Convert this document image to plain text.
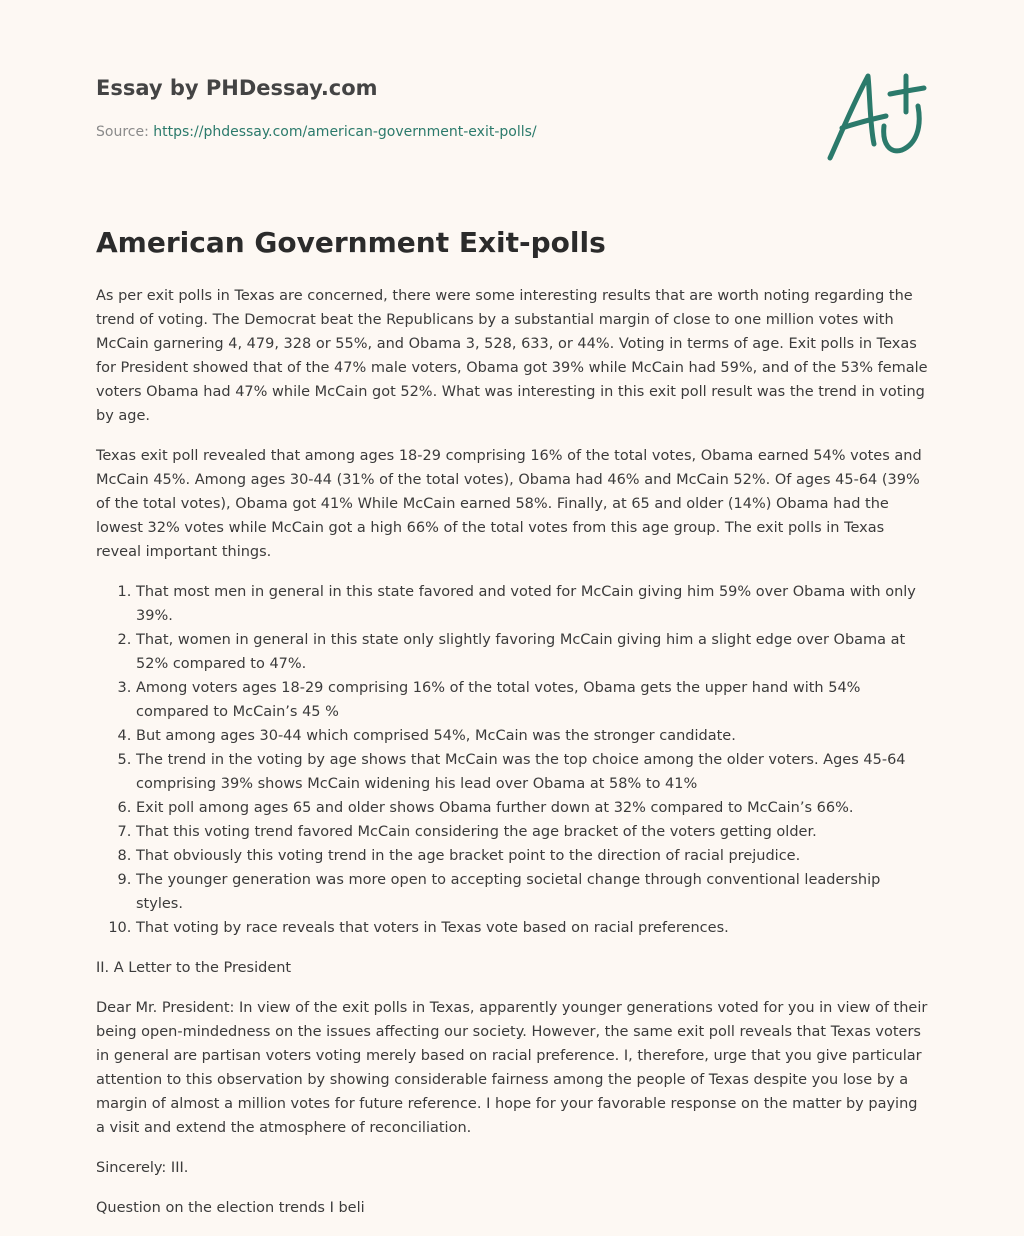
Essay by PHDessay.com

Source: https://phdessay.com/american-government-exit-polls/

American Government Exit-polls

As per exit polls in Texas are concerned, there were some interesting results that are worth noting regarding the trend of voting. The Democrat beat the Republicans by a substantial margin of close to one million votes with McCain garnering 4, 479, 328 or 55%, and Obama 3, 528, 633, or 44%. Voting in terms of age. Exit polls in Texas for President showed that of the 47% male voters, Obama got 39% while McCain had 59%, and of the 53% female voters Obama had 47% while McCain got 52%. What was interesting in this exit poll result was the trend in voting by age.

Texas exit poll revealed that among ages 18-29 comprising 16% of the total votes, Obama earned 54% votes and McCain 45%. Among ages 30-44 (31% of the total votes), Obama had 46% and McCain 52%. Of ages 45-64 (39% of the total votes), Obama got 41% While McCain earned 58%. Finally, at 65 and older (14%) Obama had the lowest 32% votes while McCain got a high 66% of the total votes from this age group. The exit polls in Texas reveal important things.

1. That most men in general in this state favored and voted for McCain giving him 59% over Obama with only 39%.
2. That, women in general in this state only slightly favoring McCain giving him a slight edge over Obama at 52% compared to 47%.
3. Among voters ages 18-29 comprising 16% of the total votes, Obama gets the upper hand with 54% compared to McCain’s 45 %
4. But among ages 30-44 which comprised 54%, McCain was the stronger candidate.
5. The trend in the voting by age shows that McCain was the top choice among the older voters. Ages 45-64 comprising 39% shows McCain widening his lead over Obama at 58% to 41%
6. Exit poll among ages 65 and older shows Obama further down at 32% compared to McCain’s 66%.
7. That this voting trend favored McCain considering the age bracket of the voters getting older.
8. That obviously this voting trend in the age bracket point to the direction of racial prejudice.
9. The younger generation was more open to accepting societal change through conventional leadership styles.
10. That voting by race reveals that voters in Texas vote based on racial preferences.

II. A Letter to the President

Dear Mr. President: In view of the exit polls in Texas, apparently younger generations voted for you in view of their being open-mindedness on the issues affecting our society. However, the same exit poll reveals that Texas voters in general are partisan voters voting merely based on racial preference. I, therefore, urge that you give particular attention to this observation by showing considerable fairness among the people of Texas despite you lose by a margin of almost a million votes for future reference. I hope for your favorable response on the matter by paying a visit and extend the atmosphere of reconciliation.

Sincerely: III.

Question on the election trends I beli
